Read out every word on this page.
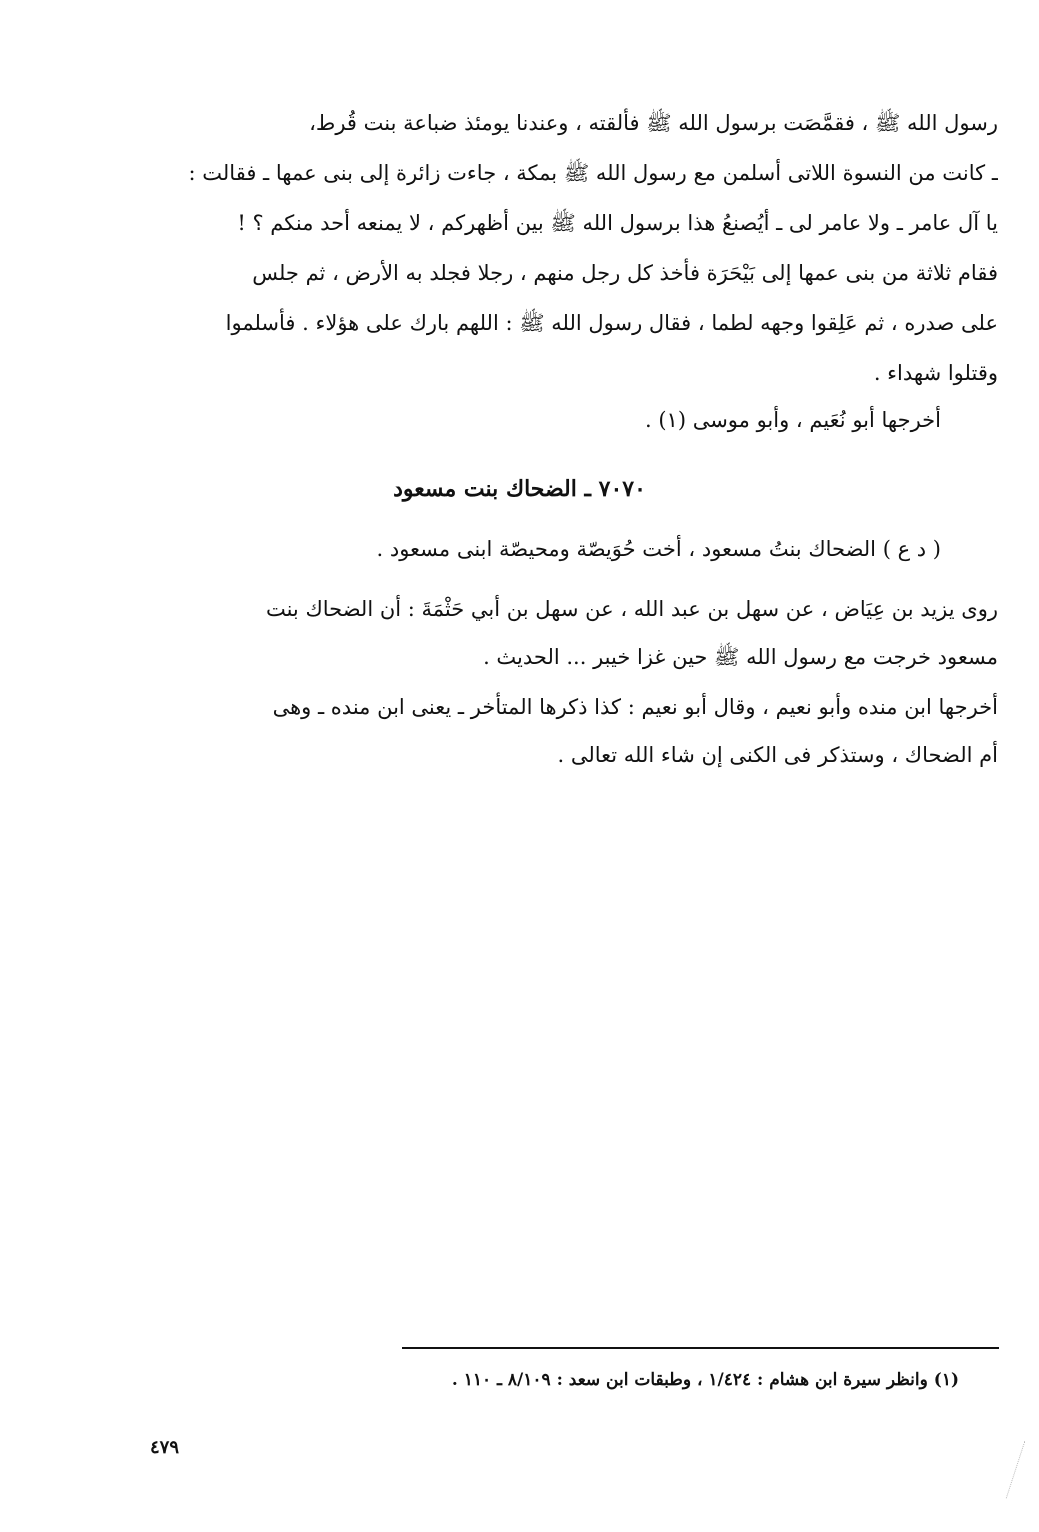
رسول الله ﷺ ، فقمَّصَت برسول الله ﷺ فألقته ، وعندنا يومئذ ضباعة بنت قُرط،
ـ كانت من النسوة اللاتى أسلمن مع رسول الله ﷺ بمكة ، جاءت زائرة إلى بنى عمها ـ فقالت :
يا آل عامر ـ ولا عامر لى ـ أيُصنعُ هذا برسول الله ﷺ بين أظهركم ، لا يمنعه أحد منكم ؟ !
فقام ثلاثة من بنى عمها إلى بَيْحَرَة فأخذ كل رجل منهم ، رجلا فجلد به الأرض ، ثم جلس
على صدره ، ثم عَلِقوا وجهه لطما ، فقال رسول الله ﷺ : اللهم بارك على هؤلاء . فأسلموا
وقتلوا شهداء .
أخرجها أبو نُعَيم ، وأبو موسى (١) .
٧٠٧٠ ـ الضحاك بنت مسعود
( د ع ) الضحاك بنتُ مسعود ، أخت حُوَيصّة ومحيصّة ابنى مسعود .
روى يزيد بن عِيَاض ، عن سهل بن عبد الله ، عن سهل بن أبي حَثْمَةَ : أن الضحاك بنت
مسعود خرجت مع رسول الله ﷺ حين غزا خيبر ... الحديث .
أخرجها ابن منده وأبو نعيم ، وقال أبو نعيم : كذا ذكرها المتأخر ـ يعنى ابن منده ـ وهى
أم الضحاك ، وستذكر فى الكنى إن شاء الله تعالى .
(١) وانظر سيرة ابن هشام : ١/٤٢٤ ، وطبقات ابن سعد : ٨/١٠٩ ـ ١١٠ .
٤٧٩
